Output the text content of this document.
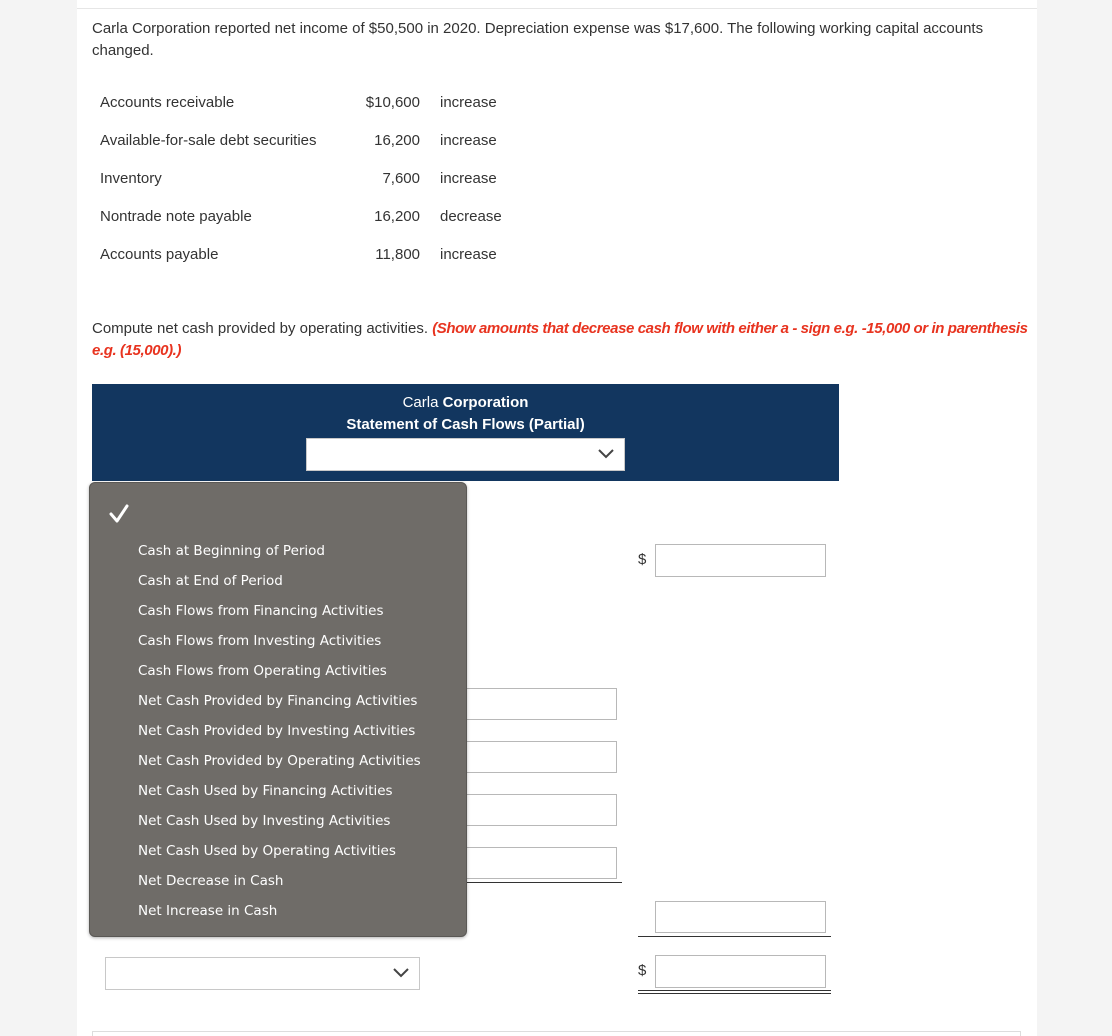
Carla Corporation reported net income of $50,500 in 2020. Depreciation expense was $17,600. The following working capital accounts changed.
Accounts receivable	$10,600 increase
Available-for-sale debt securities	16,200 increase
Inventory	7,600 increase
Nontrade note payable	16,200 decrease
Accounts payable	11,800 increase
Compute net cash provided by operating activities. (Show amounts that decrease cash flow with either a - sign e.g. -15,000 or in parenthesis e.g. (15,000).)
Carla Corporation
Statement of Cash Flows (Partial)
$
$
Cash at Beginning of Period
Cash at End of Period
Cash Flows from Financing Activities
Cash Flows from Investing Activities
Cash Flows from Operating Activities
Net Cash Provided by Financing Activities
Net Cash Provided by Investing Activities
Net Cash Provided by Operating Activities
Net Cash Used by Financing Activities
Net Cash Used by Investing Activities
Net Cash Used by Operating Activities
Net Decrease in Cash
Net Increase in Cash
